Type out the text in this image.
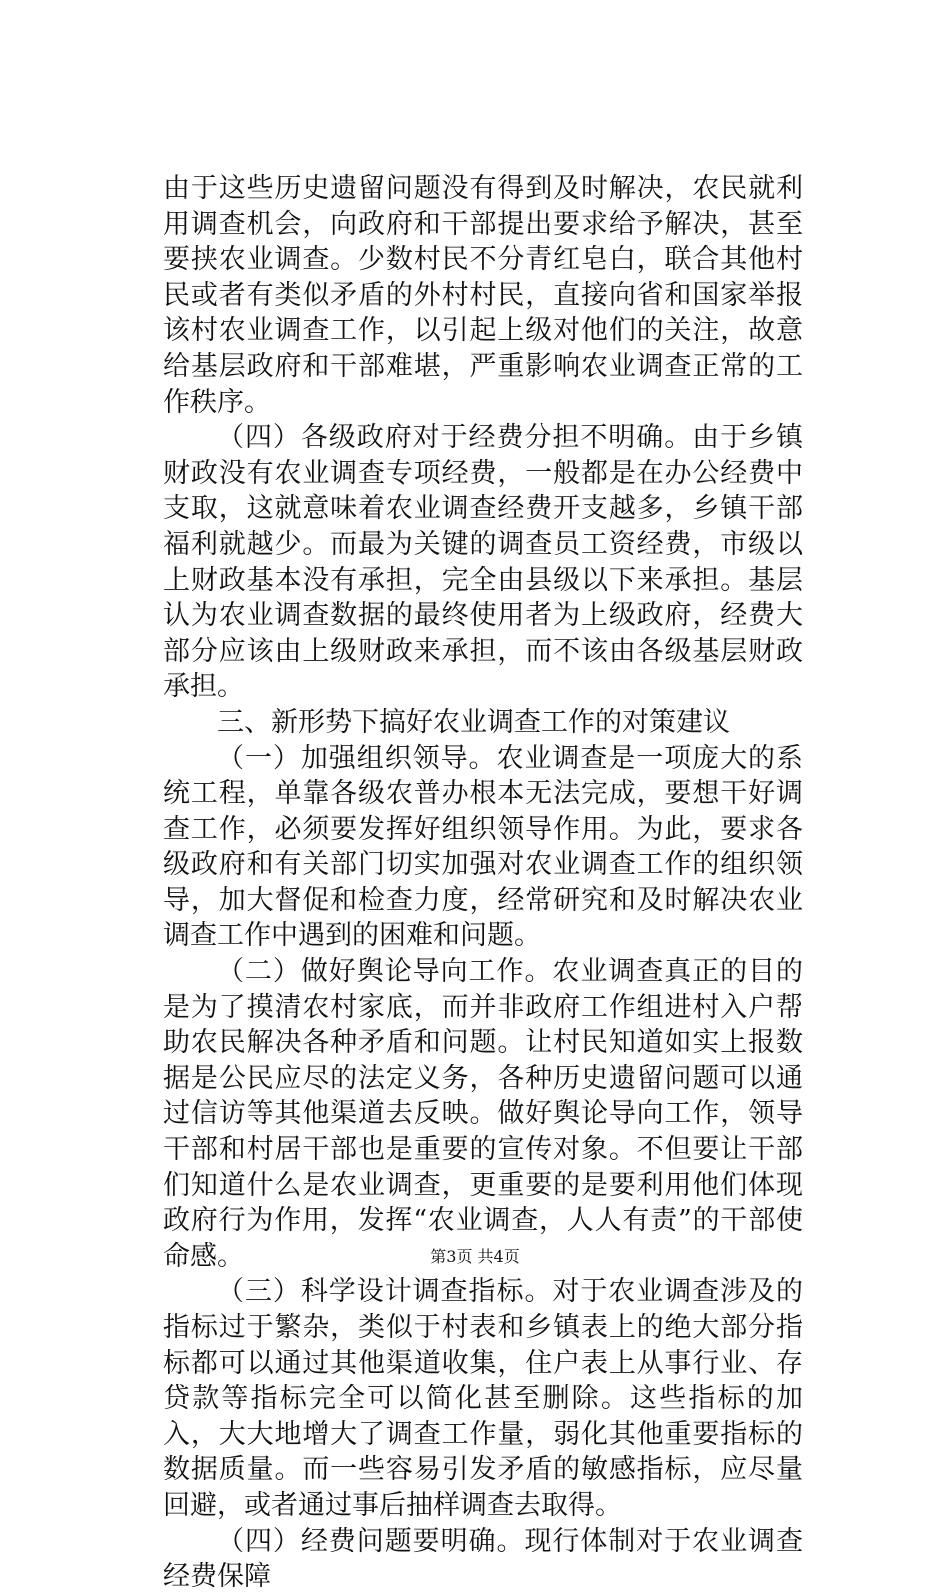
由于这些历史遗留问题没有得到及时解决，农民就利用调查机会，向政府和干部提出要求给予解决，甚至要挟农业调查。少数村民不分青红皂白，联合其他村民或者有类似矛盾的外村村民，直接向省和国家举报该村农业调查工作，以引起上级对他们的关注，故意给基层政府和干部难堪，严重影响农业调查正常的工作秩序。

（四）各级政府对于经费分担不明确。由于乡镇财政没有农业调查专项经费，一般都是在办公经费中支取，这就意味着农业调查经费开支越多，乡镇干部福利就越少。而最为关键的调查员工资经费，市级以上财政基本没有承担，完全由县级以下来承担。基层认为农业调查数据的最终使用者为上级政府，经费大部分应该由上级财政来承担，而不该由各级基层财政承担。

三、新形势下搞好农业调查工作的对策建议

（一）加强组织领导。农业调查是一项庞大的系统工程，单靠各级农普办根本无法完成，要想干好调查工作，必须要发挥好组织领导作用。为此，要求各级政府和有关部门切实加强对农业调查工作的组织领导，加大督促和检查力度，经常研究和及时解决农业调查工作中遇到的困难和问题。

（二）做好舆论导向工作。农业调查真正的目的是为了摸清农村家底，而并非政府工作组进村入户帮助农民解决各种矛盾和问题。让村民知道如实上报数据是公民应尽的法定义务，各种历史遗留问题可以通过信访等其他渠道去反映。做好舆论导向工作，领导干部和村居干部也是重要的宣传对象。不但要让干部们知道什么是农业调查，更重要的是要利用他们体现政府行为作用，发挥“农业调查，人人有责”的干部使命感。

（三）科学设计调查指标。对于农业调查涉及的指标过于繁杂，类似于村表和乡镇表上的绝大部分指标都可以通过其他渠道收集，住户表上从事行业、存贷款等指标完全可以简化甚至删除。这些指标的加入，大大地增大了调查工作量，弱化其他重要指标的数据质量。而一些容易引发矛盾的敏感指标，应尽量回避，或者通过事后抽样调查去取得。

（四）经费问题要明确。现行体制对于农业调查经费保障

第3页 共4页
